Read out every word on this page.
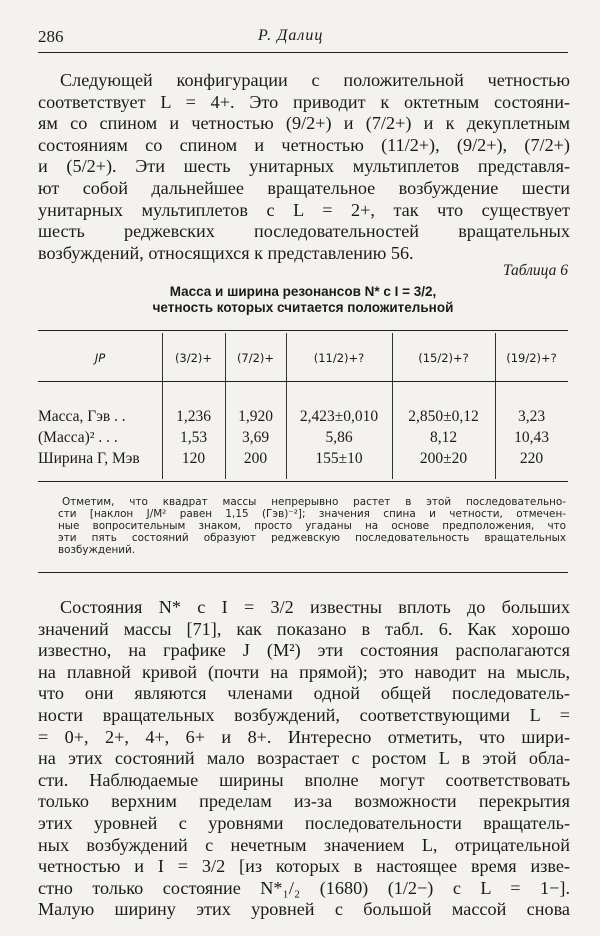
286	Р. Далиц
Следующей конфигурации с положительной четностью
соответствует L = 4+. Это приводит к октетным состояни-
ям со спином и четностью (9/2+) и (7/2+) и к декуплетным
состояниям со спином и четностью (11/2+), (9/2+), (7/2+)
и (5/2+). Эти шесть унитарных мультиплетов представля-
ют собой дальнейшее вращательное возбуждение шести
унитарных мультиплетов с L = 2+, так что существует
шесть реджевских последовательностей вращательных
возбуждений, относящихся к представлению 56.
Таблица 6
Масса и ширина резонансов N* с I = 3/2,
четность которых считается положительной
JP	(3/2)+	(7/2)+	(11/2)+?	(15/2)+?	(19/2)+?
Масса, Гэв . .	1,236	1,920	2,423±0,010	2,850±0,12	3,23
(Масса)² . . .	1,53	3,69	5,86	8,12	10,43
Ширина Г, Мэв	120	200	155±10	200±20	220
Отметим, что квадрат массы непрерывно растет в этой последовательно-
сти [наклон J/M² равен 1,15 (Гэв)⁻²]; значения спина и четности, отмечен-
ные вопросительным знаком, просто угаданы на основе предположения, что
эти пять состояний образуют реджевскую последовательность вращательных
возбуждений.
Состояния N* с I = 3/2 известны вплоть до больших
значений массы [71], как показано в табл. 6. Как хорошо
известно, на графике J (M²) эти состояния располагаются
на плавной кривой (почти на прямой); это наводит на мысль,
что они являются членами одной общей последователь-
ности вращательных возбуждений, соответствующими L =
= 0+, 2+, 4+, 6+ и 8+. Интересно отметить, что шири-
на этих состояний мало возрастает с ростом L в этой обла-
сти. Наблюдаемые ширины вполне могут соответствовать
только верхним пределам из-за возможности перекрытия
этих уровней с уровнями последовательности вращатель-
ных возбуждений с нечетным значением L, отрицательной
четностью и I = 3/2 [из которых в настоящее время изве-
стно только состояние N*₁/₂ (1680) (1/2−) с L = 1−].
Малую ширину этих уровней с большой массой снова
